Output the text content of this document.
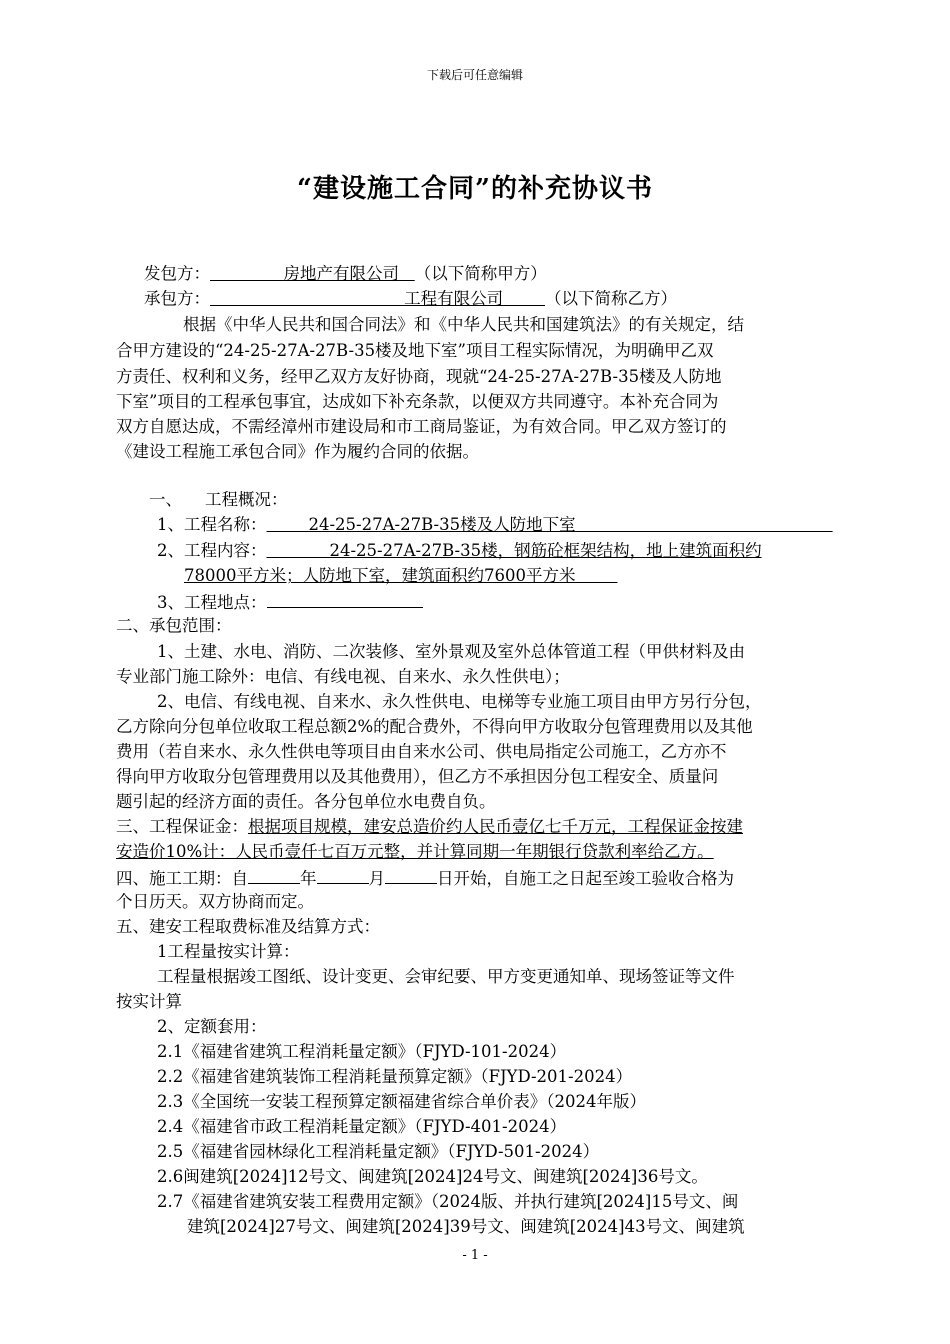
下载后可任意编辑
“建设施工合同”的补充协议书
发包方：	房地产有限公司 （以下简称甲方）
承包方：	工程有限公司	（以下简称乙方）
根据《中华人民共和国合同法》和《中华人民共和国建筑法》的有关规定，结
合甲方建设的“24-25-27A-27B-35楼及地下室”项目工程实际情况，为明确甲乙双
方责任、权利和义务，经甲乙双方友好协商，现就“24-25-27A-27B-35楼及人防地
下室”项目的工程承包事宜，达成如下补充条款，以便双方共同遵守。本补充合同为
双方自愿达成，不需经漳州市建设局和市工商局鉴证，为有效合同。甲乙双方签订的
《建设工程施工承包合同》作为履约合同的依据。
一、 工程概况：
1、工程名称：	24-25-27A-27B-35楼及人防地下室
2、工程内容：	24-25-27A-27B-35楼，钢筋砼框架结构，地上建筑面积约
78000平方米；人防地下室，建筑面积约7600平方米
3、工程地点：
二、承包范围：
1、土建、水电、消防、二次装修、室外景观及室外总体管道工程（甲供材料及由
专业部门施工除外：电信、有线电视、自来水、永久性供电）；
2、电信、有线电视、自来水、永久性供电、电梯等专业施工项目由甲方另行分包，
乙方除向分包单位收取工程总额2%的配合费外，不得向甲方收取分包管理费用以及其他
费用（若自来水、永久性供电等项目由自来水公司、供电局指定公司施工，乙方亦不
得向甲方收取分包管理费用以及其他费用），但乙方不承担因分包工程安全、质量问
题引起的经济方面的责任。各分包单位水电费自负。
三、工程保证金：根据项目规模，建安总造价约人民币壹亿七千万元，工程保证金按建
安造价10%计：人民币壹仟七百万元整，并计算同期一年期银行贷款利率给乙方。
四、施工工期：自	年	月	日开始，自施工之日起至竣工验收合格为
个日历天。双方协商而定。
五、建安工程取费标准及结算方式：
1工程量按实计算：
工程量根据竣工图纸、设计变更、会审纪要、甲方变更通知单、现场签证等文件
按实计算
2、定额套用：
2.1《福建省建筑工程消耗量定额》（FJYD-101-2024）
2.2《福建省建筑装饰工程消耗量预算定额》（FJYD-201-2024）
2.3《全国统一安装工程预算定额福建省综合单价表》（2024年版）
2.4《福建省市政工程消耗量定额》（FJYD-401-2024）
2.5《福建省园林绿化工程消耗量定额》（FJYD-501-2024）
2.6闽建筑[2024]12号文、闽建筑[2024]24号文、闽建筑[2024]36号文。
2.7《福建省建筑安装工程费用定额》（2024版、并执行建筑[2024]15号文、闽
建筑[2024]27号文、闽建筑[2024]39号文、闽建筑[2024]43号文、闽建筑
- 1 -
